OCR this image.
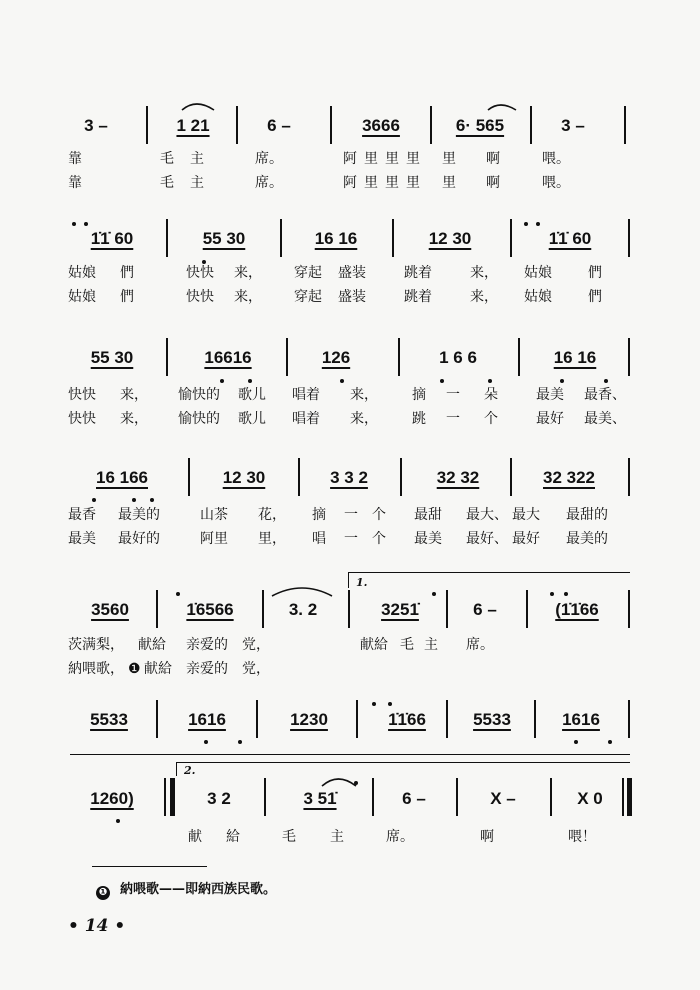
3 –	1 21	6 –	3666	6· 565	3 –
靠	毛 主	席。	阿 里 里 里 里 啊	喂。
靠	毛 主	席。	阿 里 里 里 里 啊	喂。
1̇1̇ 60	55 30	16 16	12 30	1̇1̇ 60
姑娘 們	快快 来， 穿起 盛装	跳着	来， 姑娘	們
姑娘 們	快快 来， 穿起 盛装	跳着	来， 姑娘	們
55 30	16616	126	1 6 6	16 16
快快 来， 愉快的 歌儿 唱着 来， 摘 一 朵	最美 最香、
快快 来， 愉快的 歌儿 唱着 来， 跳 一 个	最好 最美、
16 166	12 30	3 3 2	32 32	32 322
最香 最美的	山茶 花， 摘 一 个 最甜 最大、 最大 最甜的
最美 最好的	阿里 里， 唱 一 个 最美 最好、 最好 最美的
1.
3560	1̇6566	3. 2	3251̇	6 –	(1̇1̇66
茨满梨， 献給 亲爱的 党，	献給 毛 主 席。
納喂歌， ❶ 献給 亲爱的 党，
5533	1616	1230	1̇1̇66	5533	1616
2.
1260)	3 2	3 51̇	6 –	X –	X 0
献 給	毛 主	席。	啊	喂！
❶ 納喂歌——即納西族民歌。
• 14 •
